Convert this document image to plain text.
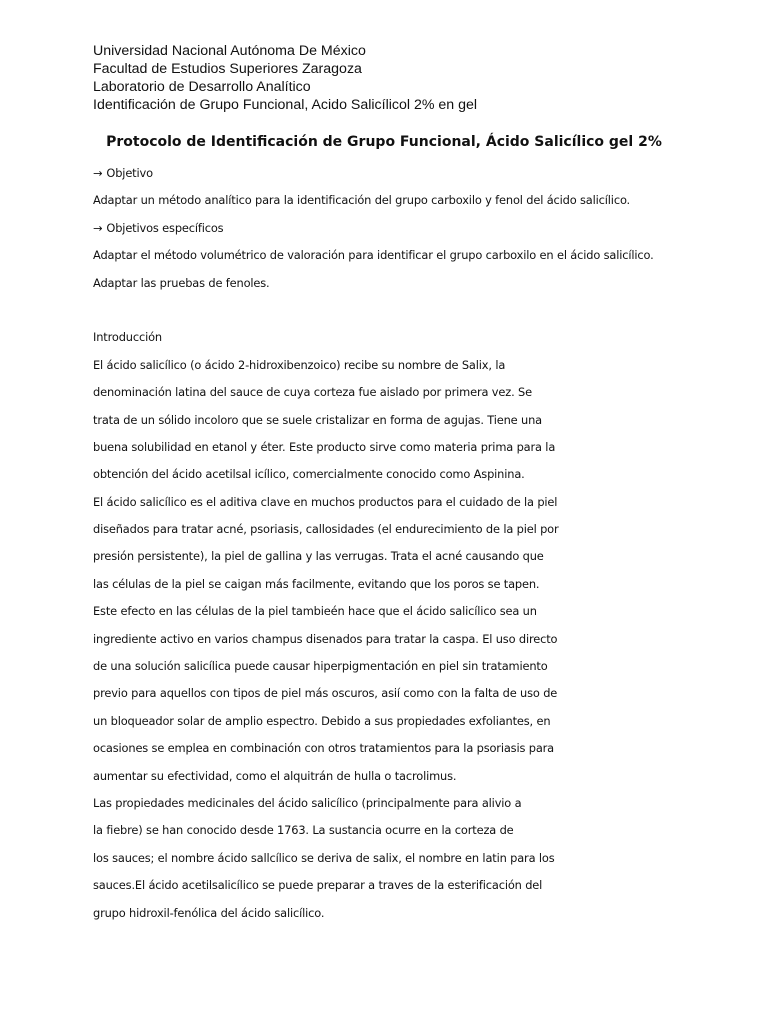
Universidad Nacional Autónoma De México
Facultad de Estudios Superiores Zaragoza
Laboratorio de Desarrollo Analítico
Identificación de Grupo Funcional, Acido Salicílicol 2% en gel
Protocolo de Identificación de Grupo Funcional, Ácido Salicílico gel 2%
→ Objetivo
Adaptar un método analítico para la identificación del grupo carboxilo y fenol del ácido salicílico.
→ Objetivos específicos
Adaptar el método volumétrico de valoración para identificar el grupo carboxilo en el ácido salicílico.
Adaptar las pruebas de fenoles.
Introducción
El ácido salicílico (o ácido 2-hidroxibenzoico) recibe su nombre de Salix, la
denominación latina del sauce de cuya corteza fue aislado por primera vez. Se
trata de un sólido incoloro que se suele cristalizar en forma de agujas. Tiene una
buena solubilidad en etanol y éter. Este producto sirve como materia prima para la
obtención del ácido acetilsal icílico, comercialmente conocido como Aspinina.
El ácido salicílico es el aditiva clave en muchos productos para el cuidado de la piel
diseñados para tratar acné, psoriasis, callosidades (el endurecimiento de la piel por
presión persistente), la piel de gallina y las verrugas. Trata el acné causando que
las células de la piel se caigan más facilmente, evitando que los poros se tapen.
Este efecto en las células de la piel tambieén hace que el ácido salicílico sea un
ingrediente activo en varios champus disenados para tratar la caspa. El uso directo
de una solución salicílica puede causar hiperpigmentación en piel sin tratamiento
previo para aquellos con tipos de piel más oscuros, asií como con la falta de uso de
un bloqueador solar de amplio espectro. Debido a sus propiedades exfoliantes, en
ocasiones se emplea en combinación con otros tratamientos para la psoriasis para
aumentar su efectividad, como el alquitrán de hulla o tacrolimus.
Las propiedades medicinales del ácido salicílico (principalmente para alivio a
la fiebre) se han conocido desde 1763. La sustancia ocurre en la corteza de
los sauces; el nombre ácido sallcílico se deriva de salix, el nombre en latin para los
sauces.El ácido acetilsalicílico se puede preparar a traves de la esterificación del
grupo hidroxil-fenólica del ácido salicílico.
